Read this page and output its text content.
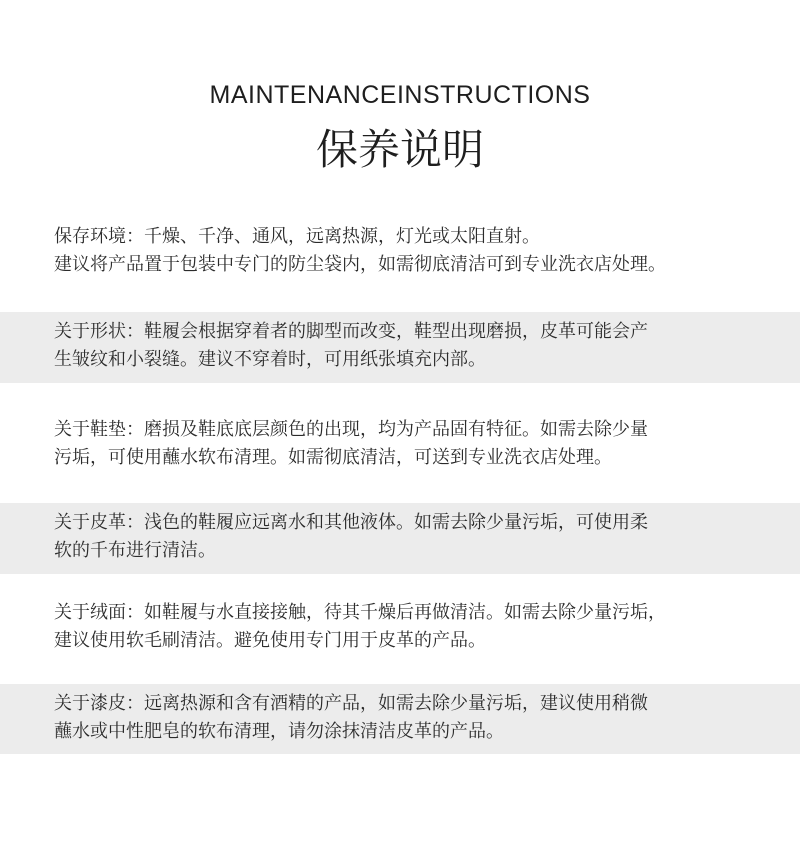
MAINTENANCEINSTRUCTIONS
保养说明

保存环境：千燥、千净、通风，远离热源，灯光或太阳直射。

建议将产品置于包装中专门的防尘袋内，如需彻底清洁可到专业洗衣店处理。

关于形状：鞋履会根据穿着者的脚型而改变，鞋型出现磨损，皮革可能会产

生皱纹和小裂缝。建议不穿着时，可用纸张填充内部。

关于鞋垫：磨损及鞋底底层颜色的出现，均为产品固有特征。如需去除少量

污垢，可使用蘸水软布清理。如需彻底清洁，可送到专业洗衣店处理。

关于皮革：浅色的鞋履应远离水和其他液体。如需去除少量污垢，可使用柔

软的千布进行清洁。

关于绒面：如鞋履与水直接接触，待其千燥后再做清洁。如需去除少量污垢，

建议使用软毛刷清洁。避免使用专门用于皮革的产品。

关于漆皮：远离热源和含有酒精的产品，如需去除少量污垢，建议使用稍微

蘸水或中性肥皂的软布清理，请勿涂抹清洁皮革的产品。
